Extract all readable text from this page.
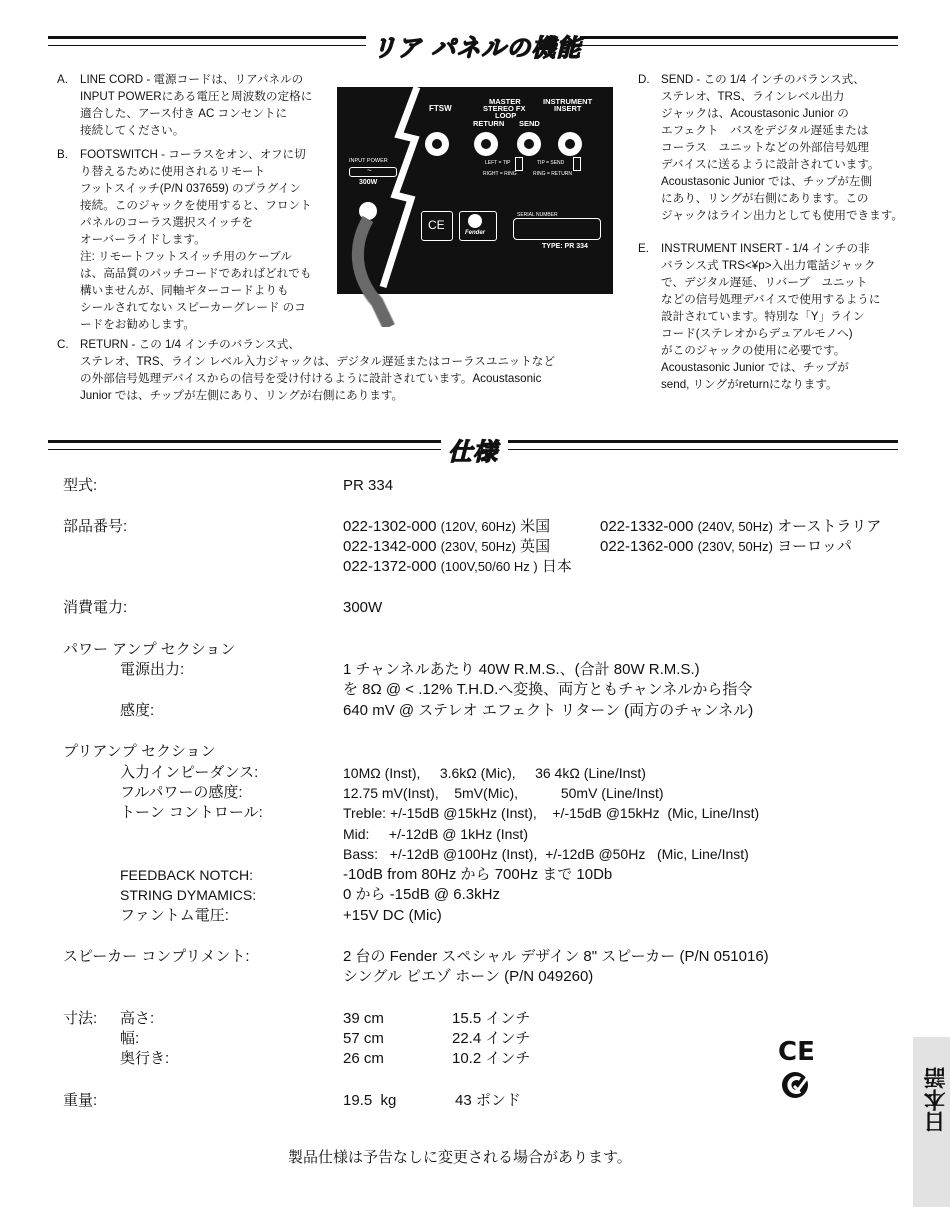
リア パネルの機能
A. LINE CORD - 電源コードは、リアパネルの

INPUT POWERにある電圧と周波数の定格に

適合した、アース付き AC コンセントに

接続してください。

B. FOOTSWITCH - コーラスをオン、オフに切

り替えるために使用されるリモート

フットスイッチ(P/N 037659) のプラグイン

接続。このジャックを使用すると、フロント

パネルのコーラス選択スイッチを

オーバーライドします。

注: リモートフットスイッチ用のケーブル

は、高品質のパッチコードであればどれでも

構いませんが、同軸ギターコードよりも

シールされてない スピーカーグレード のコ

ードをお勧めします。

C. RETURN - この 1/4 インチのバランス式、

ステレオ、TRS、ライン レベル入力ジャックは、デジタル遅延またはコーラスユニットなど

の外部信号処理デバイスからの信号を受け付けるように設計されています。Acoustasonic

Junior では、チップが左側にあり、リングが右側にあります。

D. SEND - この 1/4 インチのバランス式、

ステレオ、TRS、ラインレベル出力

ジャックは、Acoustasonic Junior の

エフェクト　バスをデジタル遅延または

コーラス　ユニットなどの外部信号処理

デバイスに送るように設計されています。

Acoustasonic Junior では、チップが左側

にあり、リングが右側にあります。この

ジャックはライン出力としても使用できます。

E. INSTRUMENT INSERT - 1/4 インチの非

バランス式 TRS<¥p>入出力電話ジャック

で、デジタル遅延、リバーブ　ユニット

などの信号処理デバイスで使用するように

設計されています。特別な「Y」ライン

コード(ステレオからデュアルモノへ)

がこのジャックの使用に必要です。

Acoustasonic Junior では、チップが

send, リングがreturnになります。

FTSW
MASTER
STEREO FX
LOOP
INSTRUMENT
INSERT
RETURN SEND
LEFT = TIP
RIGHT = RING
TIP = SEND
RING = RETURN
INPUT POWER
~
300W
CE
Fender
SERIAL NUMBER
TYPE: PR 334
仕様
型式:	PR 334
部品番号:	022-1302-000 (120V, 60Hz) 米国	022-1332-000 (240V, 50Hz) オーストラリア
022-1342-000 (230V, 50Hz) 英国	022-1362-000 (230V, 50Hz) ヨーロッパ
022-1372-000 (100V,50/60 Hz ) 日本
消費電力:	300W
パワー アンプ セクション
電源出力:	1 チャンネルあたり 40W R.M.S.、(合計 80W R.M.S.)
を 8Ω @ < .12% T.H.D.へ変換、両方ともチャンネルから指令
感度:	640 mV @ ステレオ エフェクト リターン (両方のチャンネル)
プリアンプ セクション
入力インピーダンス:	10MΩ (Inst), 3.6kΩ (Mic), 36 4kΩ (Line/Inst)
フルパワーの感度:	12.75 mV(Inst), 5mV(Mic),	50mV (Line/Inst)
トーン コントロール:	Treble: +/-15dB @15kHz (Inst),    +/-15dB @15kHz  (Mic, Line/Inst)
Mid:     +/-12dB @ 1kHz (Inst)
Bass:   +/-12dB @100Hz (Inst),  +/-12dB @50Hz   (Mic, Line/Inst)
FEEDBACK NOTCH:	-10dB from 80Hz から 700Hz まで 10Db
STRING DYMAMICS:	0 から -15dB @ 6.3kHz
ファントム電圧:	+15V DC (Mic)
スピーカー コンプリメント:	2 台の Fender スペシャル デザイン 8" スピーカー (P/N 051016)
シングル ピエゾ ホーン (P/N 049260)
寸法: 高さ:	39 cm	15.5 インチ
幅:	57 cm	22.4 インチ
奥行き:	26 cm	10.2 インチ
重量:	19.5  kg	43 ポンド
CE
製品仕様は予告なしに変更される場合があります。
日本語
